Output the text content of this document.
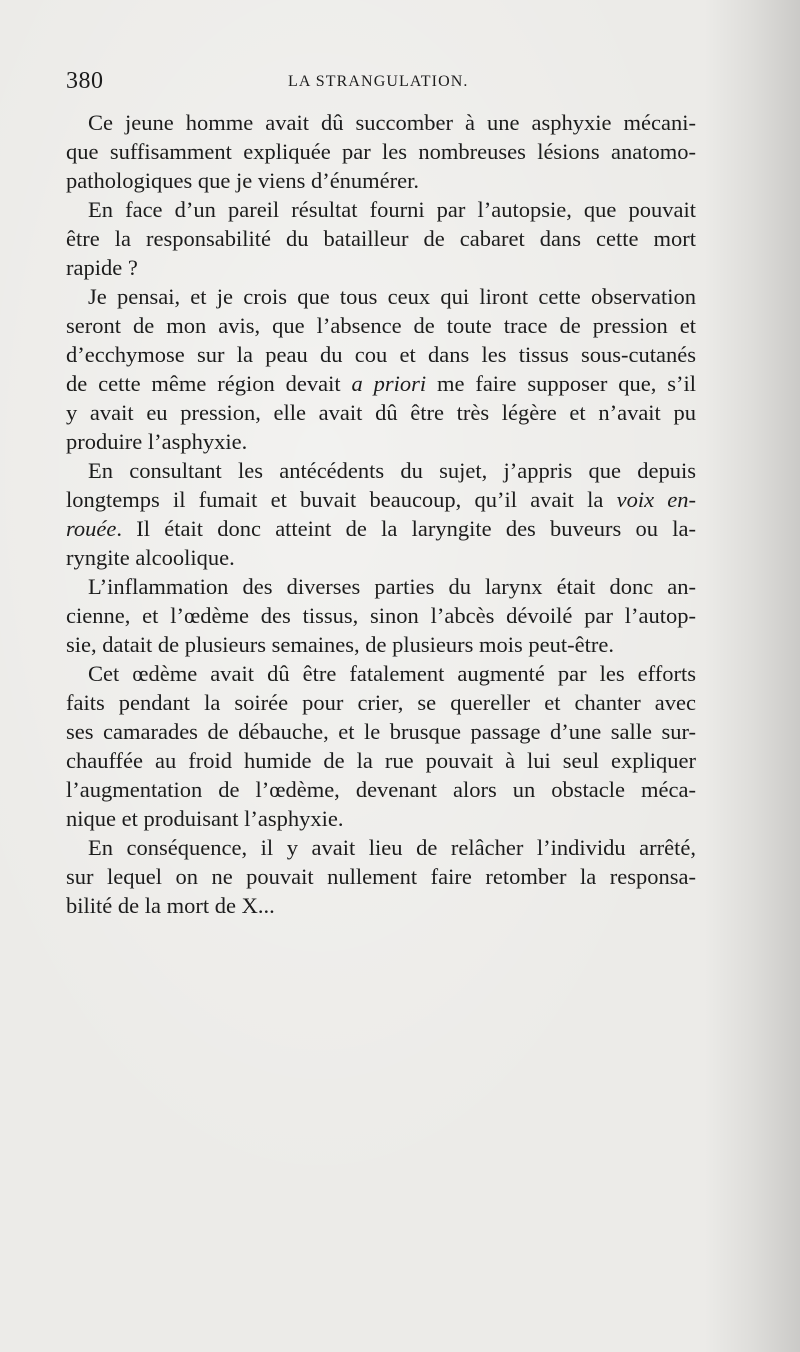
380	LA STRANGULATION.
Ce jeune homme avait dû succomber à une asphyxie mécani-
que suffisamment expliquée par les nombreuses lésions anatomo-
pathologiques que je viens d’énumérer.
En face d’un pareil résultat fourni par l’autopsie, que pouvait
être la responsabilité du batailleur de cabaret dans cette mort
rapide ?
Je pensai, et je crois que tous ceux qui liront cette observation
seront de mon avis, que l’absence de toute trace de pression et
d’ecchymose sur la peau du cou et dans les tissus sous-cutanés
de cette même région devait a priori me faire supposer que, s’il
y avait eu pression, elle avait dû être très légère et n’avait pu
produire l’asphyxie.
En consultant les antécédents du sujet, j’appris que depuis
longtemps il fumait et buvait beaucoup, qu’il avait la voix en-
rouée. Il était donc atteint de la laryngite des buveurs ou la-
ryngite alcoolique.
L’inflammation des diverses parties du larynx était donc an-
cienne, et l’œdème des tissus, sinon l’abcès dévoilé par l’autop-
sie, datait de plusieurs semaines, de plusieurs mois peut-être.
Cet œdème avait dû être fatalement augmenté par les efforts
faits pendant la soirée pour crier, se quereller et chanter avec
ses camarades de débauche, et le brusque passage d’une salle sur-
chauffée au froid humide de la rue pouvait à lui seul expliquer
l’augmentation de l’œdème, devenant alors un obstacle méca-
nique et produisant l’asphyxie.
En conséquence, il y avait lieu de relâcher l’individu arrêté,
sur lequel on ne pouvait nullement faire retomber la responsa-
bilité de la mort de X...
